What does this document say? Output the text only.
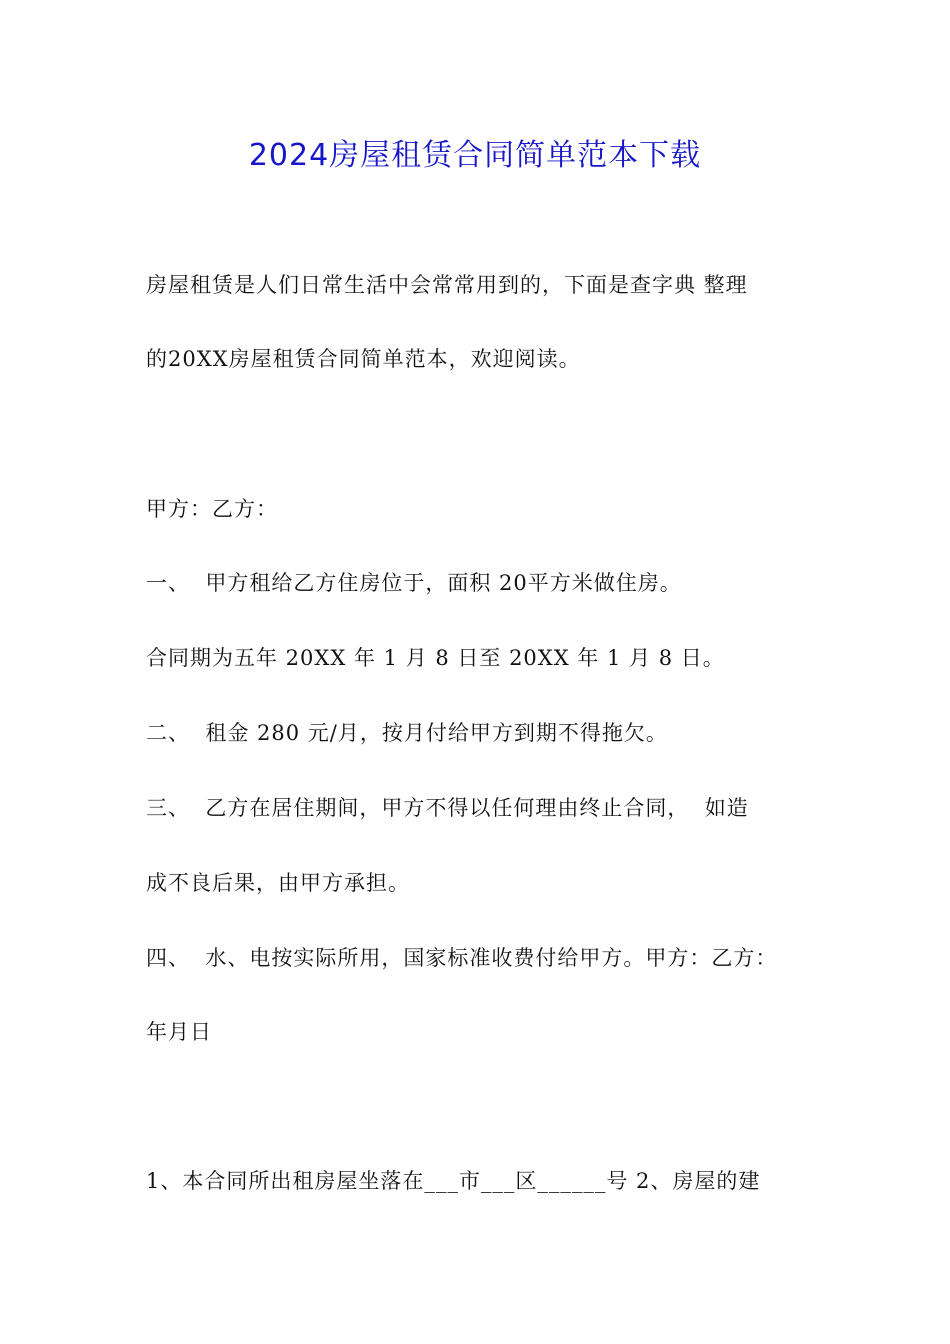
2024房屋租赁合同简单范本下载
房屋租赁是人们日常生活中会常常用到的，下面是查字典 整理
的20XX房屋租赁合同简单范本，欢迎阅读。
甲方：乙方：
一、  甲方租给乙方住房位于，面积 20平方米做住房。
合同期为五年 20XX 年 1 月 8 日至 20XX 年 1 月 8 日。
二、  租金 280 元/月，按月付给甲方到期不得拖欠。
三、  乙方在居住期间，甲方不得以任何理由终止合同，  如造
成不良后果，由甲方承担。
四、  水、电按实际所用，国家标准收费付给甲方。甲方：乙方：
年月日
1、本合同所出租房屋坐落在___市___区______号 2、房屋的建
